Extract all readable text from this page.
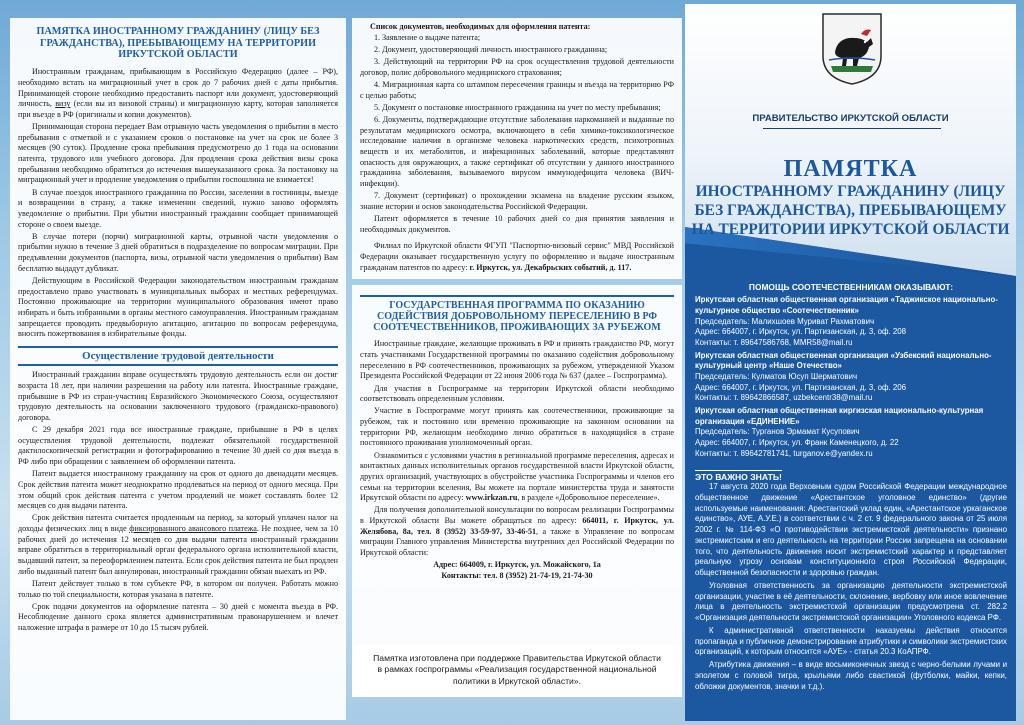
ПАМЯТКА ИНОСТРАННОМУ ГРАЖДАНИНУ (ЛИЦУ БЕЗ ГРАЖДАНСТВА), ПРЕБЫВАЮЩЕМУ НА ТЕРРИТОРИИ ИРКУТСКОЙ ОБЛАСТИ

Иностранным гражданам, прибывающим в Российскую Федерацию (далее – РФ), необходимо встать на миграционный учет в срок до 7 рабочих дней с даты прибытия. Принимающей стороне необходимо предоставить паспорт или документ, удостоверяющий личность, визу (если вы из визовой страны) и миграционную карту, которая заполняется при въезде в РФ (оригиналы и копии документов).

Принимающая сторона передает Вам отрывную часть уведомления о прибытии в место пребывания с отметкой и с указанием сроков о постановке на учет на срок не более 3 месяцев (90 суток). Продление срока пребывания предусмотрено до 1 года на основании патента, трудового или учебного договора. Для продления срока действия визы срока пребывания необходимо обратиться до истечения вышеуказанного срока. За постановку на миграционный учет и продление уведомления о прибытии госпошлина не взимается!

В случае поездок иностранного гражданина по России, заселении в гостиницы, выезде и возвращении в страну, а также изменении сведений, нужно заново оформлять уведомление о прибытии. При убытии иностранный гражданин сообщает принимающей стороне о своем выезде.

В случае потери (порчи) миграционной карты, отрывной части уведомления о прибытии нужно в течение 3 дней обратиться в подразделение по вопросам миграции. При предъявлении документов (паспорта, визы, отрывной части уведомления о прибытии) Вам бесплатно выдадут дубликат.

Действующим в Российской Федерации законодательством иностранным гражданам предоставлено право участвовать в муниципальных выборах и местных референдумах. Постоянно проживающие на территории муниципального образования имеют право избирать и быть избранными в органы местного самоуправления. Иностранным гражданам запрещается проводить предвыборную агитацию, агитацию по вопросам референдума, вносить пожертвования в избирательные фонды.

Осуществление трудовой деятельности

Иностранный гражданин вправе осуществлять трудовую деятельность если он достиг возраста 18 лет, при наличии разрешения на работу или патента. Иностранные граждане, прибывшие в РФ из стран-участниц Евразийского Экономического Союза, осуществляют трудовую деятельность на основании заключенного трудового (гражданско-правового) договора.

С 29 декабря 2021 года все иностранные граждане, прибывшие в РФ в целях осуществления трудовой деятельности, подлежат обязательной государственной дактилоскопической регистрации и фотографированию в течение 30 дней со дня въезда в РФ либо при обращении с заявлением об оформлении патента.

Патент выдается иностранному гражданину на срок от одного до двенадцати месяцев. Срок действия патента может неоднократно продлеваться на период от одного месяца. При этом общий срок действия патента с учетом продлений не может составлять более 12 месяцев со дня выдачи патента.

Срок действия патента считается продленным на период, за который уплачен налог на доходы физических лиц в виде фиксированного авансового платежа. Не позднее, чем за 10 рабочих дней до истечения 12 месяцев со дня выдачи патента иностранный гражданин вправе обратиться в территориальный орган федерального органа исполнительной власти, выдавший патент, за переоформлением патента. Если срок действия патента не был продлен либо выданный патент был аннулирован, иностранный гражданин обязан выехать из РФ.

Патент действует только в том субъекте РФ, в котором он получен. Работать можно только по той специальности, которая указана в патенте.

Срок подачи документов на оформление патента – 30 дней с момента въезда в РФ. Несоблюдение данного срока является административным правонарушением и влечет наложение штрафа в размере от 10 до 15 тысяч рублей.

Список документов, необходимых для оформления патента:

1. Заявление о выдаче патента;

2. Документ, удостоверяющий личность иностранного гражданина;

3. Действующий на территории РФ на срок осуществления трудовой деятельности договор, полис добровольного медицинского страхования;

4. Миграционная карта со штампом пересечения границы и въезда на территорию РФ с целью работы;

5. Документ о постановке иностранного гражданина на учет по месту пребывания;

6. Документы, подтверждающие отсутствие заболевания наркоманией и выданные по результатам медицинского осмотра, включающего в себя химико-токсикологическое исследование наличия в организме человека наркотических средств, психотропных веществ и их метаболитов, и инфекционных заболеваний, которые представляют опасность для окружающих, а также сертификат об отсутствии у данного иностранного гражданина заболевания, вызываемого вирусом иммунодефицита человека (ВИЧ-инфекции).

7. Документ (сертификат) о прохождении экзамена на владение русским языком, знание истории и основ законодательства Российской Федерации.

Патент оформляется в течение 10 рабочих дней со дня принятия заявления и необходимых документов.

Филиал по Иркутской области ФГУП "Паспортно-визовый сервис" МВД Российской Федерации оказывает государственную услугу по оформлению и выдаче иностранным гражданам патентов по адресу: г. Иркутск, ул. Декабрьских событий, д. 117.

ГОСУДАРСТВЕННАЯ ПРОГРАММА ПО ОКАЗАНИЮ СОДЕЙСТВИЯ ДОБРОВОЛЬНОМУ ПЕРЕСЕЛЕНИЮ В РФ СООТЕЧЕСТВЕННИКОВ, ПРОЖИВАЮЩИХ ЗА РУБЕЖОМ

Иностранные граждане, желающие проживать в РФ и принять гражданство РФ, могут стать участниками Государственной программы по оказанию содействия добровольному переселению в РФ соотечественников, проживающих за рубежом, утвержденной Указом Президента Российской Федерации от 22 июня 2006 года № 637 (далее – Госпрограмма).

Для участия в Госпрограмме на территории Иркутской области необходимо соответствовать определенным условиям.

Участие в Госпрограмме могут принять как соотечественники, проживающие за рубежом, так и постоянно или временно проживающие на законном основании на территории РФ, желающим необходимо лично обратиться в находящийся в стране постоянного проживания уполномоченный орган.

Ознакомиться с условиями участия в региональной программе переселения, адресах и контактных данных исполнительных органов государственной власти Иркутской области, других организаций, участвующих в обустройстве участника Госпрограммы и членов его семьи на территории вселения, Вы можете на портале министерства труда и занятости Иркутской области по адресу: www.irkzan.ru, в разделе «Добровольное переселение».

Для получения дополнительной консультации по вопросам реализации Госпрограммы в Иркутской области Вы можете обращаться по адресу: 664011, г. Иркутск, ул. Желябова, 8а, тел. 8 (3952) 33-59-97, 33-46-51, а также в Управление по вопросам миграции Главного управления Министерства внутренних дел Российской Федерации по Иркутской области:

Адрес: 664009, г. Иркутск, ул. Можайского, 1а

Контакты: тел. 8 (3952) 21-74-19, 21-74-30

Памятка изготовлена при поддержке Правительства Иркутской области в рамках госпрограммы «Реализация государственной национальной политики в Иркутской области».
ПРАВИТЕЛЬСТВО ИРКУТСКОЙ ОБЛАСТИ
ПАМЯТКА
ИНОСТРАННОМУ ГРАЖДАНИНУ (ЛИЦУ БЕЗ ГРАЖДАНСТВА), ПРЕБЫВАЮЩЕМУ НА ТЕРРИТОРИИ ИРКУТСКОЙ ОБЛАСТИ
ПОМОЩЬ СООТЕЧЕСТВЕННИКАМ ОКАЗЫВАЮТ:
Иркутская областная общественная организация «Таджикское национально-культурное общество «Соотечественник»
Председатель: Малихшоев Муриват Рахматович
Адрес: 664007, г. Иркутск, ул. Партизанская, д. 3, оф. 208
Контакты: т. 89647586768, MMR58@mail.ru
Иркутская областная общественная организация «Узбекский национально-культурный центр «Наше Отечество»
Председатель: Кулматов Юсуп Шерматович
Адрес: 664007, г. Иркутск, ул. Партизанская, д. 3, оф. 206
Контакты: т. 89642866587, uzbekcentr38@mail.ru
Иркутская областная общественная киргизская национально-культурная организация «ЕДИНЕНИЕ»
Председатель: Турганов Эрмамат Кусупович
Адрес: 664007, г. Иркутск, ул. Франк Каменецкого, д. 22
Контакты: т. 89642781741, turganov.e@yandex.ru
ЭТО ВАЖНО ЗНАТЬ!

17 августа 2020 года Верховным судом Российской Федерации международное общественное движение «Арестантское уголовное единство» (другие используемые наименования: Арестантский уклад един, «Арестантское уркаганское единство», АУЕ, А.У.Е.) в соответствии с ч. 2 ст. 9 федерального закона от 25 июля 2002 г. № 114-ФЗ «О противодействии экстремистской деятельности» признано экстремистским и его деятельность на территории России запрещена на основании того, что деятельность движения носит экстремистский характер и представляет реальную угрозу основам конституционного строя Российской Федерации, общественной безопасности и здоровью граждан.

Уголовная ответственность за организацию деятельности экстремистской организации, участие в её деятельности, склонение, вербовку или иное вовлечение лица в деятельность экстремистской организации предусмотрена ст. 282.2 «Организация деятельности экстремистской организации» Уголовного кодекса РФ.

К административной ответственности наказуемы действия относится пропаганда и публичное демонстрирование атрибутики и символики экстремистских организаций, к которым относится «АУЕ» - статья 20.3 КоАПРФ.

Атрибутика движения – в виде восьмиконечных звезд с черно-белыми лучами и эполетом с головой тигра, крыльями либо свастикой (футболки, майки, кепки, обложки документов, значки и т.д.).
